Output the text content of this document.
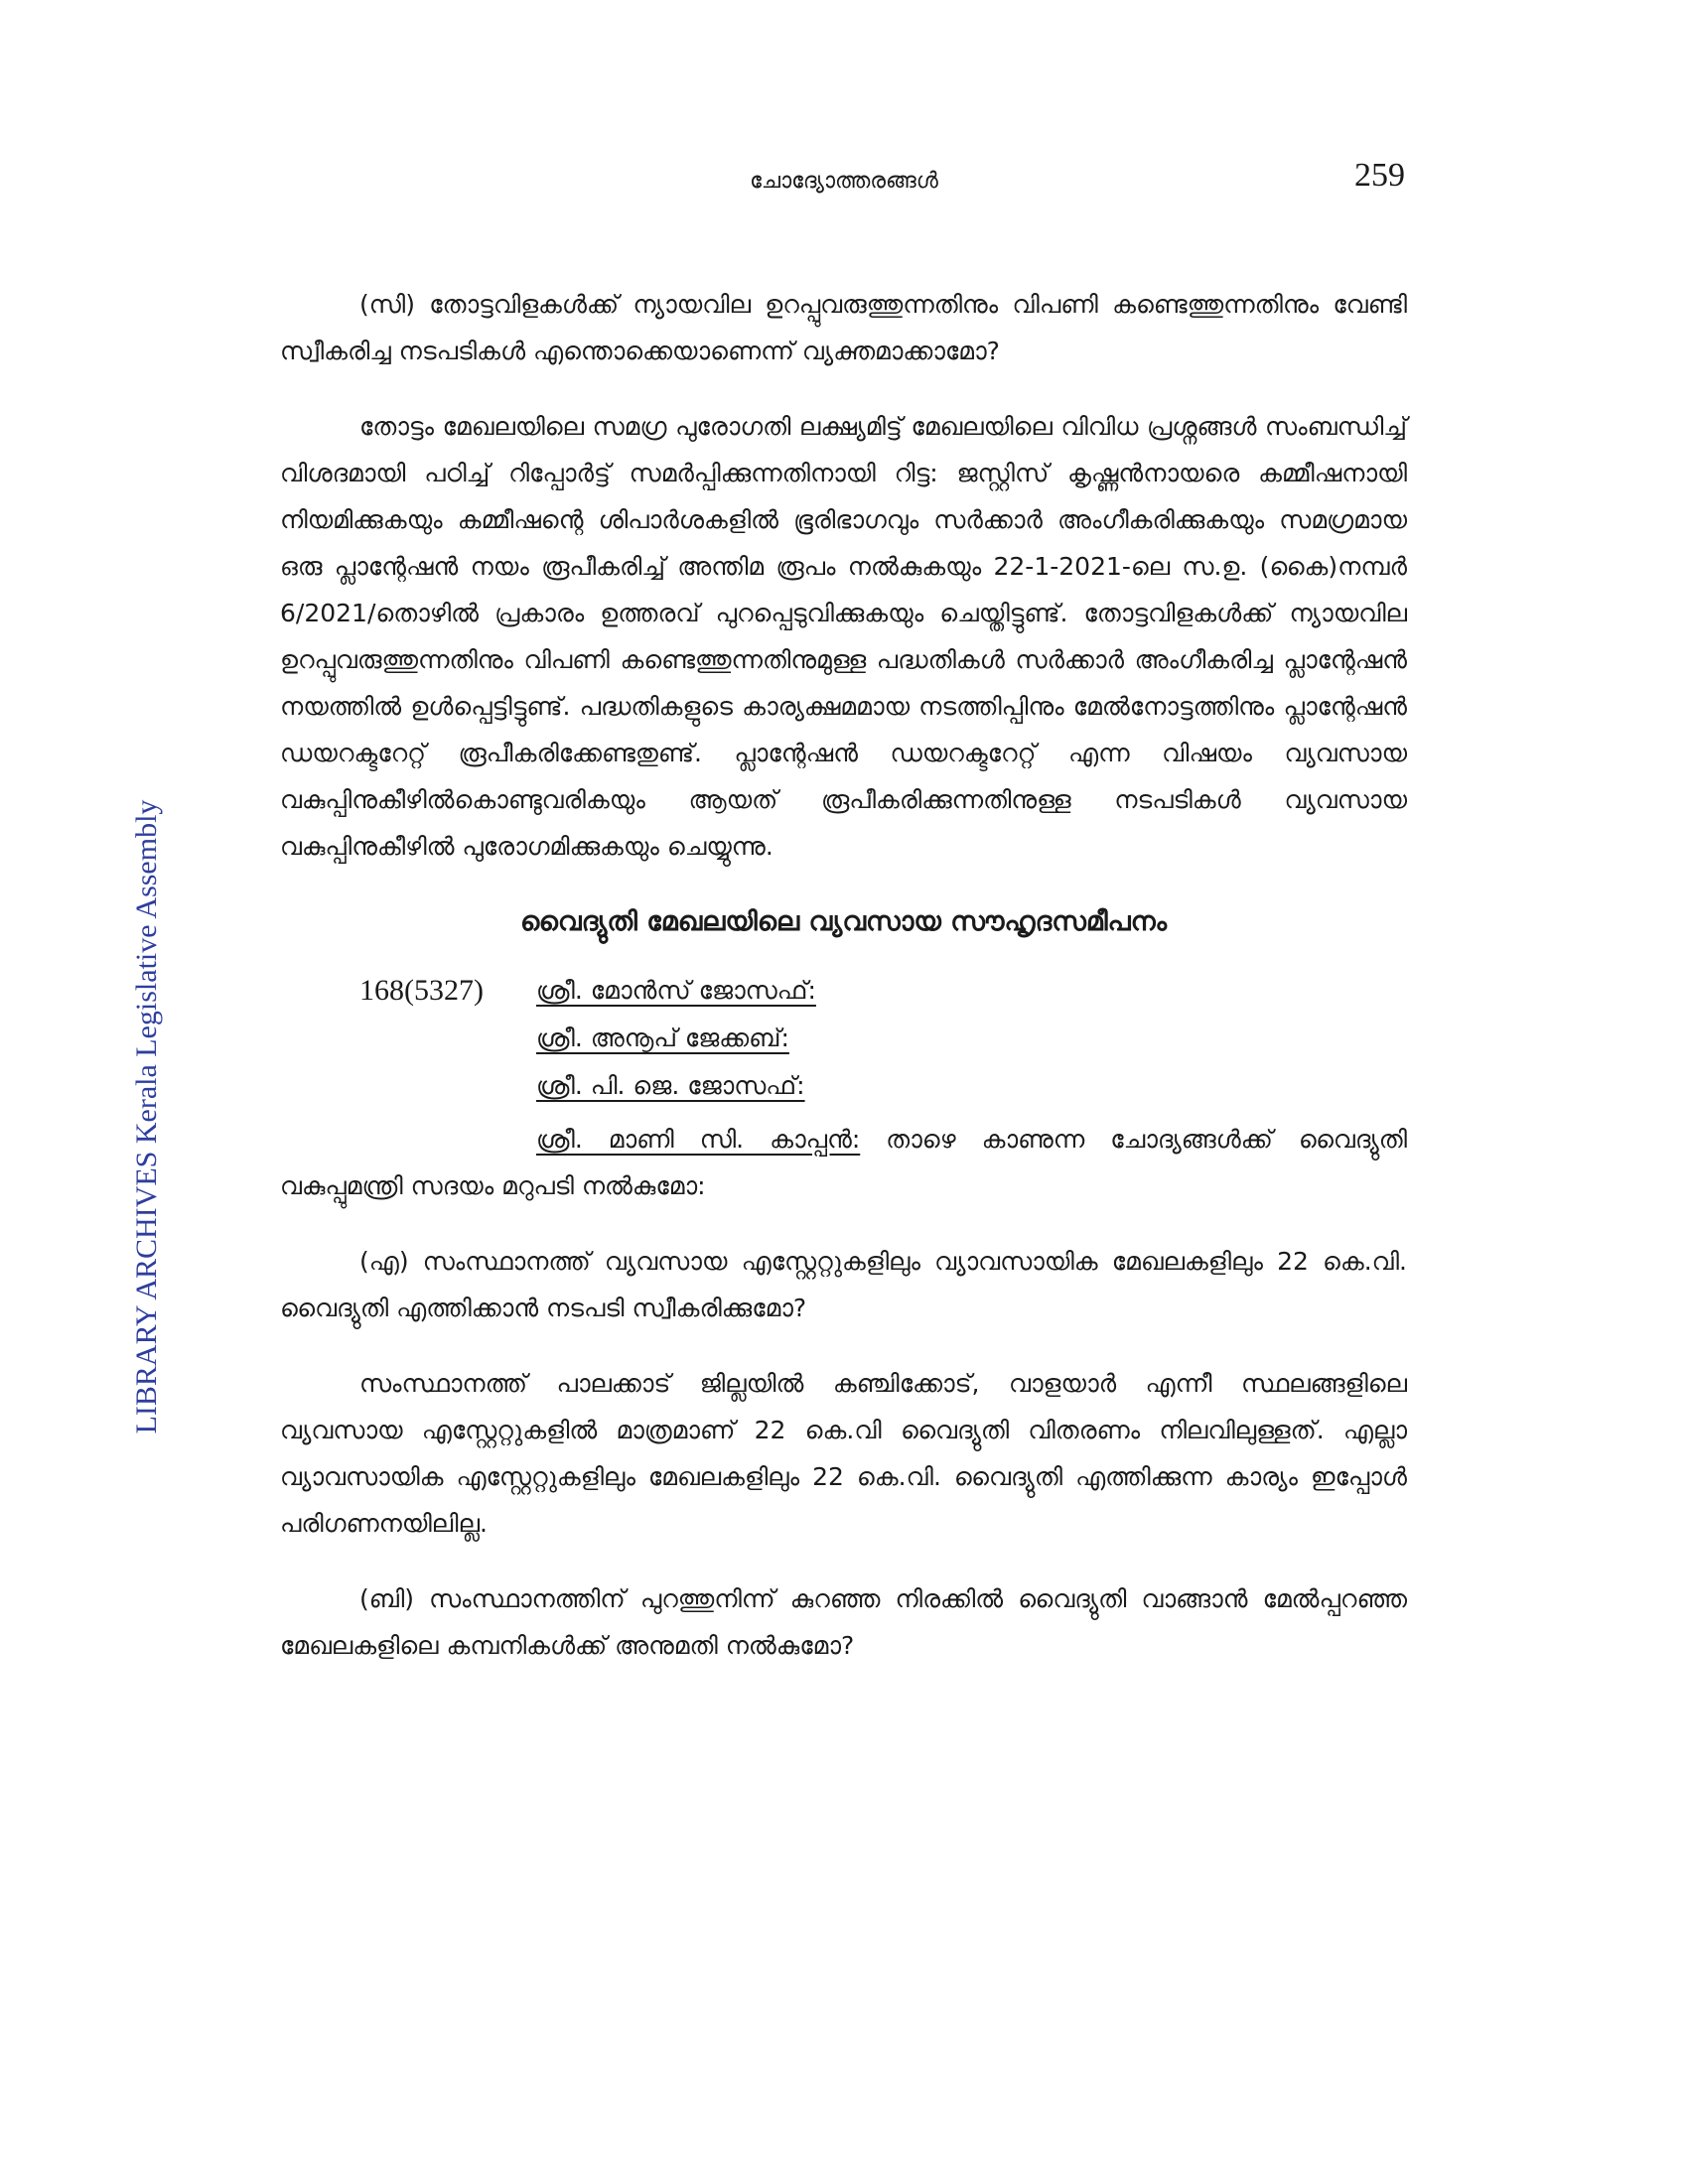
ചോദ്യോത്തരങ്ങൾ	259
LIBRARY ARCHIVES Kerala Legislative Assembly

(സി) തോട്ടവിളകൾക്ക് ന്യായവില ഉറപ്പുവരുത്തുന്നതിനും വിപണി കണ്ടെത്തുന്നതിനും വേണ്ടി സ്വീകരിച്ച നടപടികൾ എന്തൊക്കെയാണെന്ന് വ്യക്തമാക്കാമോ?

തോട്ടം മേഖലയിലെ സമഗ്ര പുരോഗതി ലക്ഷ്യമിട്ട് മേഖലയിലെ വിവിധ പ്രശ്നങ്ങൾ സംബന്ധിച്ച് വിശദമായി പഠിച്ച് റിപ്പോർട്ട് സമർപ്പിക്കുന്നതിനായി റിട്ട: ജസ്റ്റിസ് കൃഷ്ണൻനായരെ കമ്മീഷനായി നിയമിക്കുകയും കമ്മീഷന്റെ ശിപാർശകളിൽ ഭൂരിഭാഗവും സർക്കാർ അംഗീകരിക്കുകയും സമഗ്രമായ ഒരു പ്ലാന്റേഷൻ നയം രൂപീകരിച്ച് അന്തിമ രൂപം നൽകുകയും 22-1-2021-ലെ സ.ഉ. (കൈ)നമ്പർ 6/2021/തൊഴിൽ പ്രകാരം ഉത്തരവ് പുറപ്പെടുവിക്കുകയും ചെയ്തിട്ടുണ്ട്. തോട്ടവിളകൾക്ക് ന്യായവില ഉറപ്പുവരുത്തുന്നതിനും വിപണി കണ്ടെത്തുന്നതിനുമുള്ള പദ്ധതികൾ സർക്കാർ അംഗീകരിച്ച പ്ലാന്റേഷൻ നയത്തിൽ ഉൾപ്പെട്ടിട്ടുണ്ട്. പദ്ധതികളുടെ കാര്യക്ഷമമായ നടത്തിപ്പിനും മേൽനോട്ടത്തിനും പ്ലാന്റേഷൻ ഡയറക്ടറേറ്റ് രൂപീകരിക്കേണ്ടതുണ്ട്. പ്ലാന്റേഷൻ ഡയറക്ടറേറ്റ് എന്ന വിഷയം വ്യവസായ വകുപ്പിനുകീഴിൽകൊണ്ടുവരികയും ആയത് രൂപീകരിക്കുന്നതിനുള്ള നടപടികൾ വ്യവസായ വകുപ്പിനുകീഴിൽ പുരോഗമിക്കുകയും ചെയ്യുന്നു.

വൈദ്യുതി മേഖലയിലെ വ്യവസായ സൗഹൃദസമീപനം

168(5327) ശ്രീ. മോൻസ് ജോസഫ്:
ശ്രീ. അനൂപ് ജേക്കബ്:
ശ്രീ. പി. ജെ. ജോസഫ്:

ശ്രീ. മാണി സി. കാപ്പൻ: താഴെ കാണുന്ന ചോദ്യങ്ങൾക്ക് വൈദ്യുതി വകുപ്പുമന്ത്രി സദയം മറുപടി നൽകുമോ:

(എ) സംസ്ഥാനത്ത് വ്യവസായ എസ്റ്റേറ്റുകളിലും വ്യാവസായിക മേഖലകളിലും 22 കെ.വി. വൈദ്യുതി എത്തിക്കാൻ നടപടി സ്വീകരിക്കുമോ?

സംസ്ഥാനത്ത് പാലക്കാട് ജില്ലയിൽ കഞ്ചിക്കോട്, വാളയാർ എന്നീ സ്ഥലങ്ങളിലെ വ്യവസായ എസ്റ്റേറ്റുകളിൽ മാത്രമാണ് 22 കെ.വി വൈദ്യുതി വിതരണം നിലവിലുള്ളത്. എല്ലാ വ്യാവസായിക എസ്റ്റേറ്റുകളിലും മേഖലകളിലും 22 കെ.വി. വൈദ്യുതി എത്തിക്കുന്ന കാര്യം ഇപ്പോൾ പരിഗണനയിലില്ല.

(ബി) സംസ്ഥാനത്തിന് പുറത്തുനിന്ന് കുറഞ്ഞ നിരക്കിൽ വൈദ്യുതി വാങ്ങാൻ മേൽപ്പറഞ്ഞ മേഖലകളിലെ കമ്പനികൾക്ക് അനുമതി നൽകുമോ?
